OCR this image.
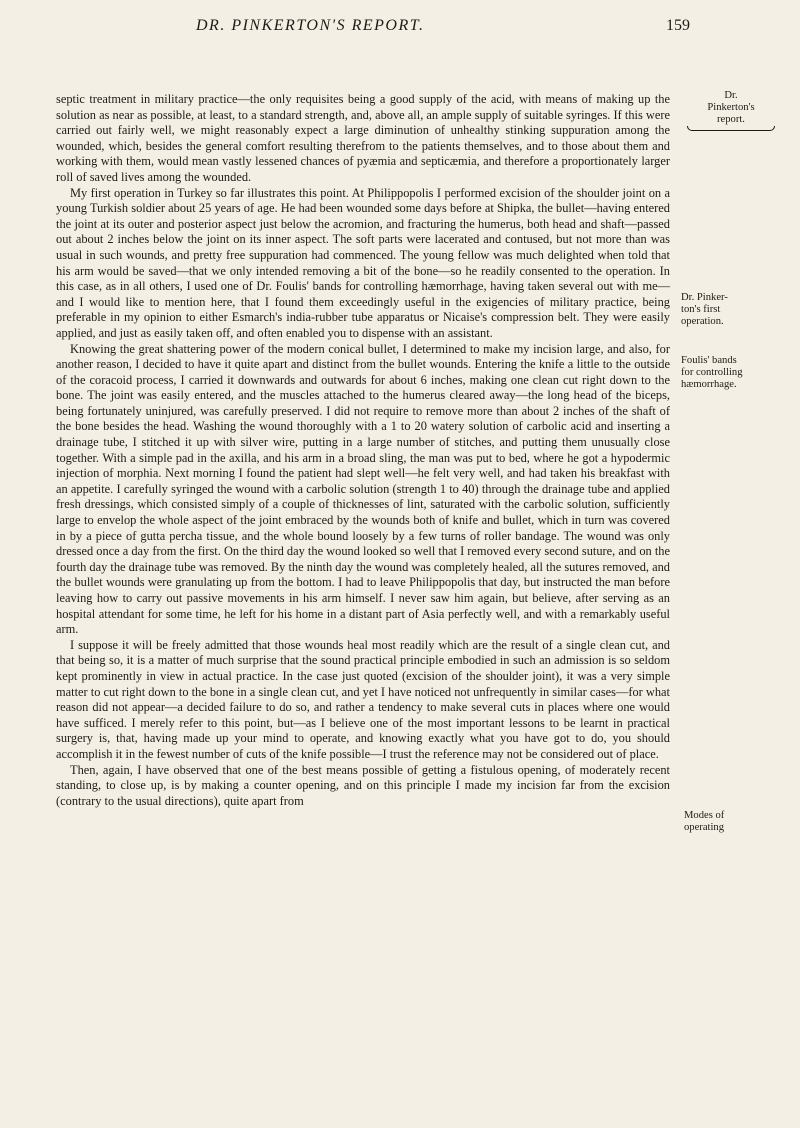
DR. PINKERTON'S REPORT.	159
Dr.
Pinkerton's
report.
Dr. Pinker-
ton's first
operation.
Foulis' bands
for controlling
hæmorrhage.
Modes of
operating

septic treatment in military practice—the only requisites being a good supply of the acid, with means of making up the solution as near as possible, at least, to a standard strength, and, above all, an ample supply of suitable syringes. If this were carried out fairly well, we might reasonably expect a large diminution of unhealthy stinking suppuration among the wounded, which, besides the general comfort resulting therefrom to the patients themselves, and to those about them and working with them, would mean vastly lessened chances of pyæmia and septicæmia, and therefore a proportionately larger roll of saved lives among the wounded.

My first operation in Turkey so far illustrates this point. At Philippopolis I performed excision of the shoulder joint on a young Turkish soldier about 25 years of age. He had been wounded some days before at Shipka, the bullet—having entered the joint at its outer and posterior aspect just below the acromion, and fracturing the humerus, both head and shaft—passed out about 2 inches below the joint on its inner aspect. The soft parts were lacerated and contused, but not more than was usual in such wounds, and pretty free suppuration had commenced. The young fellow was much delighted when told that his arm would be saved—that we only intended removing a bit of the bone—so he readily consented to the operation. In this case, as in all others, I used one of Dr. Foulis' bands for controlling hæmorrhage, having taken several out with me—and I would like to mention here, that I found them exceedingly useful in the exigencies of military practice, being preferable in my opinion to either Esmarch's india-rubber tube apparatus or Nicaise's compression belt. They were easily applied, and just as easily taken off, and often enabled you to dispense with an assistant.

Knowing the great shattering power of the modern conical bullet, I determined to make my incision large, and also, for another reason, I decided to have it quite apart and distinct from the bullet wounds. Entering the knife a little to the outside of the coracoid process, I carried it downwards and outwards for about 6 inches, making one clean cut right down to the bone. The joint was easily entered, and the muscles attached to the humerus cleared away—the long head of the biceps, being fortunately uninjured, was carefully preserved. I did not require to remove more than about 2 inches of the shaft of the bone besides the head. Washing the wound thoroughly with a 1 to 20 watery solution of carbolic acid and inserting a drainage tube, I stitched it up with silver wire, putting in a large number of stitches, and putting them unusually close together. With a simple pad in the axilla, and his arm in a broad sling, the man was put to bed, where he got a hypodermic injection of morphia. Next morning I found the patient had slept well—he felt very well, and had taken his breakfast with an appetite. I carefully syringed the wound with a carbolic solution (strength 1 to 40) through the drainage tube and applied fresh dressings, which consisted simply of a couple of thicknesses of lint, saturated with the carbolic solution, sufficiently large to envelop the whole aspect of the joint embraced by the wounds both of knife and bullet, which in turn was covered in by a piece of gutta percha tissue, and the whole bound loosely by a few turns of roller bandage. The wound was only dressed once a day from the first. On the third day the wound looked so well that I removed every second suture, and on the fourth day the drainage tube was removed. By the ninth day the wound was completely healed, all the sutures removed, and the bullet wounds were granulating up from the bottom. I had to leave Philippopolis that day, but instructed the man before leaving how to carry out passive movements in his arm himself. I never saw him again, but believe, after serving as an hospital attendant for some time, he left for his home in a distant part of Asia perfectly well, and with a remarkably useful arm.

I suppose it will be freely admitted that those wounds heal most readily which are the result of a single clean cut, and that being so, it is a matter of much surprise that the sound practical principle embodied in such an admission is so seldom kept prominently in view in actual practice. In the case just quoted (excision of the shoulder joint), it was a very simple matter to cut right down to the bone in a single clean cut, and yet I have noticed not unfrequently in similar cases—for what reason did not appear—a decided failure to do so, and rather a tendency to make several cuts in places where one would have sufficed. I merely refer to this point, but—as I believe one of the most important lessons to be learnt in practical surgery is, that, having made up your mind to operate, and knowing exactly what you have got to do, you should accomplish it in the fewest number of cuts of the knife possible—I trust the reference may not be considered out of place.

Then, again, I have observed that one of the best means possible of getting a fistulous opening, of moderately recent standing, to close up, is by making a counter opening, and on this principle I made my incision far from the excision (contrary to the usual directions), quite apart from
